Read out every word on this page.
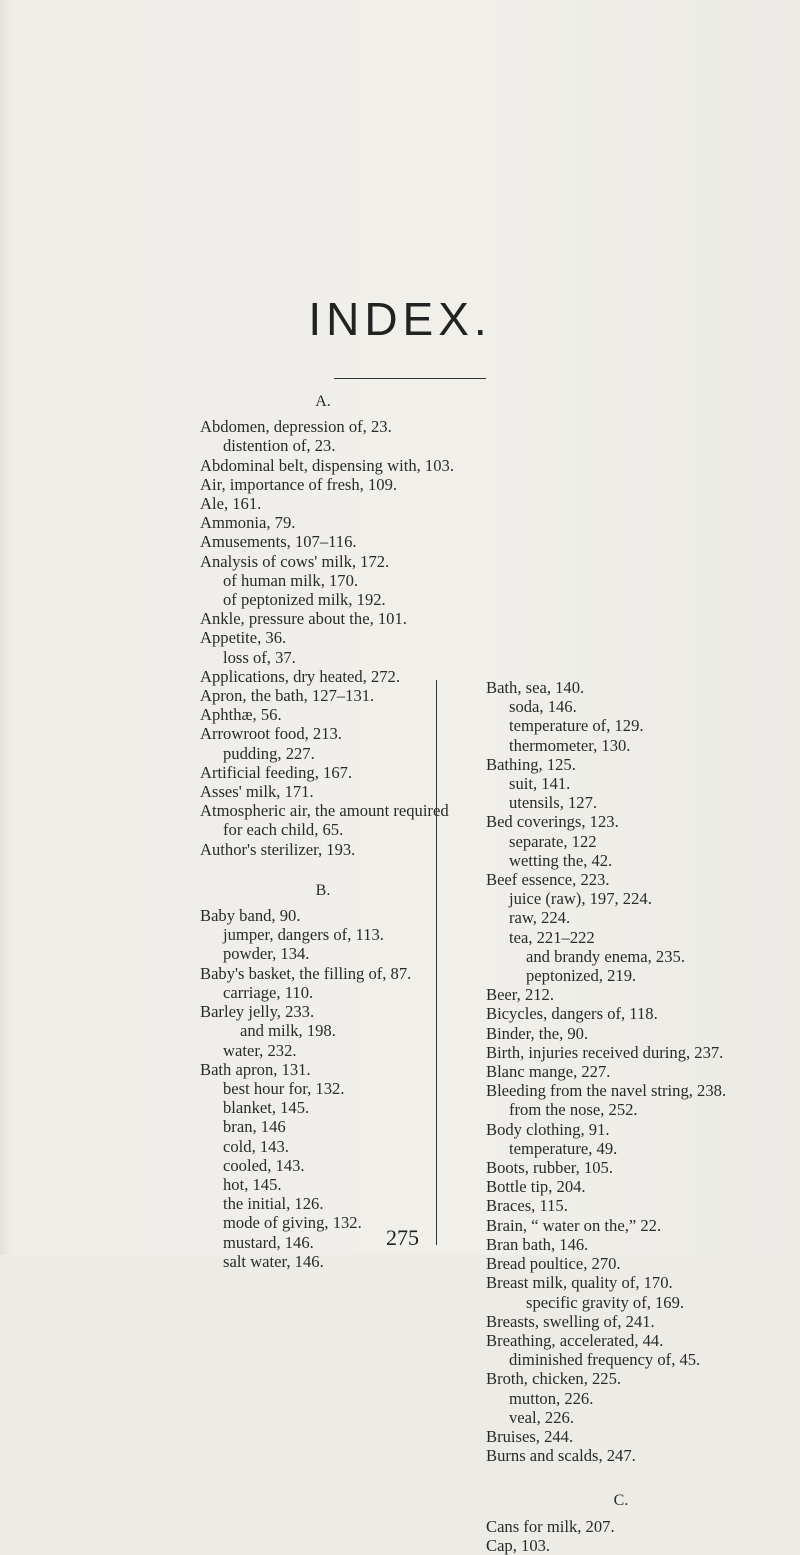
INDEX.
A.
Abdomen, depression of, 23.
distention of, 23.
Abdominal belt, dispensing with, 103.
Air, importance of fresh, 109.
Ale, 161.
Ammonia, 79.
Amusements, 107–116.
Analysis of cows' milk, 172.
of human milk, 170.
of peptonized milk, 192.
Ankle, pressure about the, 101.
Appetite, 36.
loss of, 37.
Applications, dry heated, 272.
Apron, the bath, 127–131.
Aphthæ, 56.
Arrowroot food, 213.
pudding, 227.
Artificial feeding, 167.
Asses' milk, 171.
Atmospheric air, the amount required
for each child, 65.
Author's sterilizer, 193.
B.
Baby band, 90.
jumper, dangers of, 113.
powder, 134.
Baby's basket, the filling of, 87.
carriage, 110.
Barley jelly, 233.
and milk, 198.
water, 232.
Bath apron, 131.
best hour for, 132.
blanket, 145.
bran, 146
cold, 143.
cooled, 143.
hot, 145.
the initial, 126.
mode of giving, 132.
mustard, 146.
salt water, 146.
Bath, sea, 140.
soda, 146.
temperature of, 129.
thermometer, 130.
Bathing, 125.
suit, 141.
utensils, 127.
Bed coverings, 123.
separate, 122
wetting the, 42.
Beef essence, 223.
juice (raw), 197, 224.
raw, 224.
tea, 221–222
and brandy enema, 235.
peptonized, 219.
Beer, 212.
Bicycles, dangers of, 118.
Binder, the, 90.
Birth, injuries received during, 237.
Blanc mange, 227.
Bleeding from the navel string, 238.
from the nose, 252.
Body clothing, 91.
temperature, 49.
Boots, rubber, 105.
Bottle tip, 204.
Braces, 115.
Brain, “ water on the,” 22.
Bran bath, 146.
Bread poultice, 270.
Breast milk, quality of, 170.
specific gravity of, 169.
Breasts, swelling of, 241.
Breathing, accelerated, 44.
diminished frequency of, 45.
Broth, chicken, 225.
mutton, 226.
veal, 226.
Bruises, 244.
Burns and scalds, 247.
C.
Cans for milk, 207.
Cap, 103.
275
